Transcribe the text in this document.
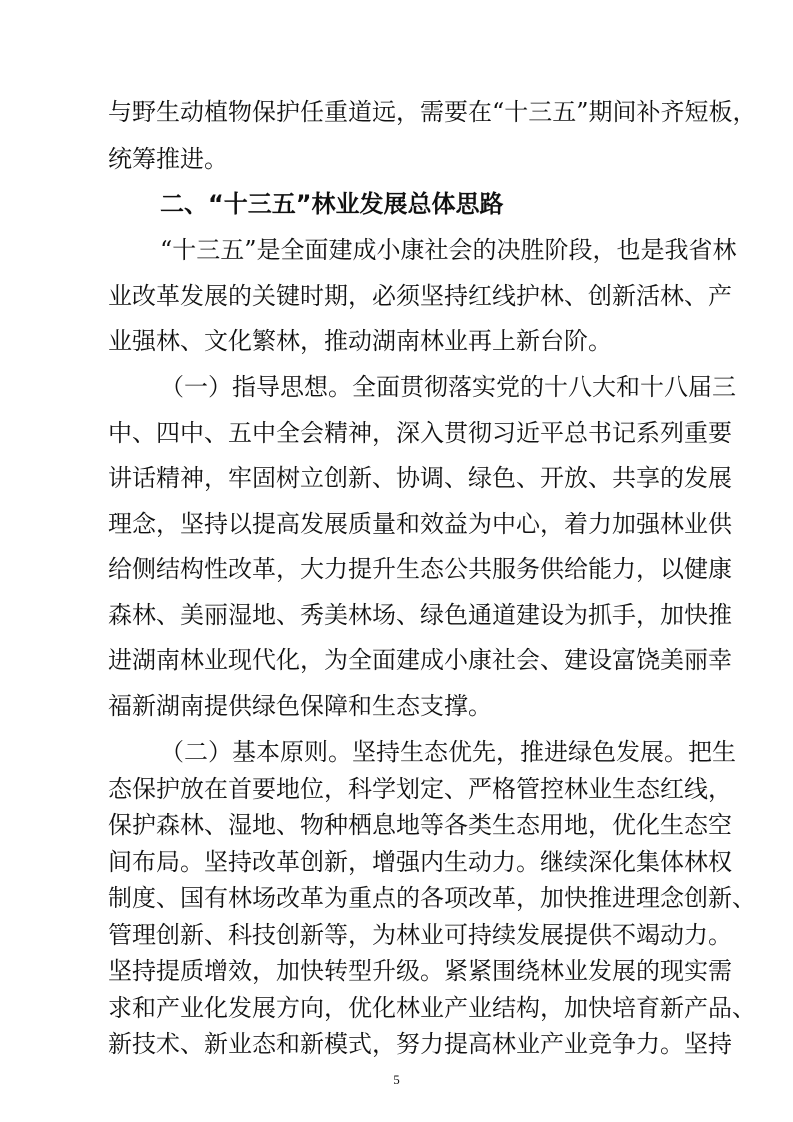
与野生动植物保护任重道远，需要在“十三五”期间补齐短板，
统筹推进。
二、“十三五”林业发展总体思路
“十三五”是全面建成小康社会的决胜阶段，也是我省林
业改革发展的关键时期，必须坚持红线护林、创新活林、产
业强林、文化繁林，推动湖南林业再上新台阶。
（一）指导思想。全面贯彻落实党的十八大和十八届三
中、四中、五中全会精神，深入贯彻习近平总书记系列重要
讲话精神，牢固树立创新、协调、绿色、开放、共享的发展
理念，坚持以提高发展质量和效益为中心，着力加强林业供
给侧结构性改革，大力提升生态公共服务供给能力，以健康
森林、美丽湿地、秀美林场、绿色通道建设为抓手，加快推
进湖南林业现代化，为全面建成小康社会、建设富饶美丽幸
福新湖南提供绿色保障和生态支撑。
5
（二）基本原则。坚持生态优先，推进绿色发展。把生
态保护放在首要地位，科学划定、严格管控林业生态红线，
保护森林、湿地、物种栖息地等各类生态用地，优化生态空
间布局。坚持改革创新，增强内生动力。继续深化集体林权
制度、国有林场改革为重点的各项改革，加快推进理念创新、
管理创新、科技创新等，为林业可持续发展提供不竭动力。
坚持提质增效，加快转型升级。紧紧围绕林业发展的现实需
求和产业化发展方向，优化林业产业结构，加快培育新产品、
新技术、新业态和新模式，努力提高林业产业竞争力。坚持
